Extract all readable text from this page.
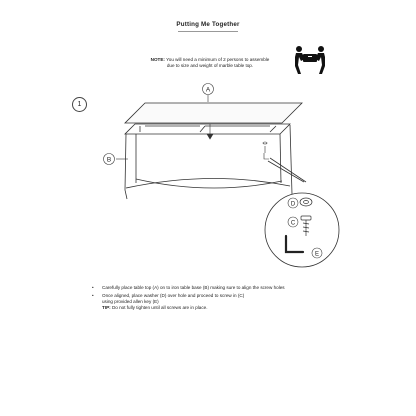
Putting Me Together
NOTE: You will need a minimum of 2 persons to assemble
due to size and weight of marble table top.
1
A
B
D
C
E
• Carefully place table top (A) on to iron table base (B) making sure to align the screw holes
• Once aligned, place washer (D) over hole and proceed to screw in (C)
using provided allen key (E)
TIP: Do not fully tighten until all screws are in place.
